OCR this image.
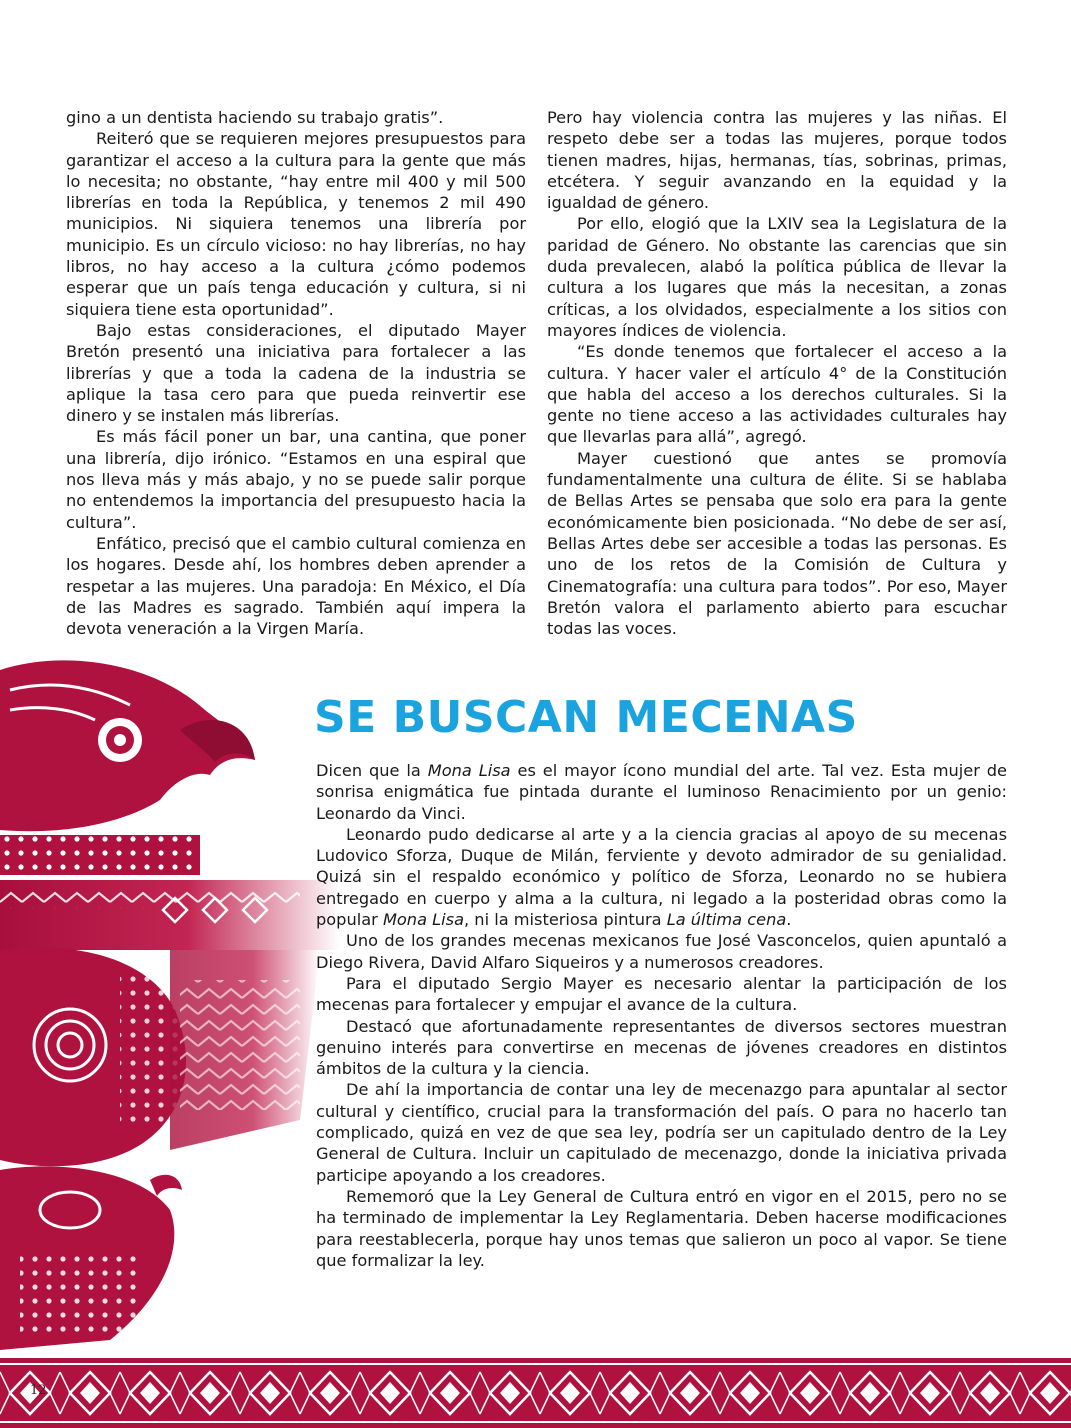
gino a un dentista haciendo su trabajo gratis”.

Reiteró que se requieren mejores presupuestos para garantizar el acceso a la cultura para la gente que más lo necesita; no obstante, “hay entre mil 400 y mil 500 librerías en toda la República, y tenemos 2 mil 490 municipios. Ni siquiera tenemos una librería por municipio. Es un círculo vicioso: no hay librerías, no hay libros, no hay acceso a la cultura ¿cómo podemos esperar que un país tenga educación y cultura, si ni siquiera tiene esta oportunidad”.

Bajo estas consideraciones, el diputado Mayer Bretón presentó una iniciativa para fortalecer a las librerías y que a toda la cadena de la industria se aplique la tasa cero para que pueda reinvertir ese dinero y se instalen más librerías.

Es más fácil poner un bar, una cantina, que poner una librería, dijo irónico. “Estamos en una espiral que nos lleva más y más abajo, y no se puede salir porque no entendemos la importancia del presupuesto hacia la cultura”.

Enfático, precisó que el cambio cultural comienza en los hogares. Desde ahí, los hombres deben aprender a respetar a las mujeres. Una paradoja: En México, el Día de las Madres es sagrado. También aquí impera la devota veneración a la Virgen María.

Pero hay violencia contra las mujeres y las niñas. El respeto debe ser a todas las mujeres, porque todos tienen madres, hijas, hermanas, tías, sobrinas, primas, etcétera. Y seguir avanzando en la equidad y la igualdad de género.

Por ello, elogió que la LXIV sea la Legislatura de la paridad de Género. No obstante las carencias que sin duda prevalecen, alabó la política pública de llevar la cultura a los lugares que más la necesitan, a zonas críticas, a los olvidados, especialmente a los sitios con mayores índices de violencia.

“Es donde tenemos que fortalecer el acceso a la cultura. Y hacer valer el artículo 4° de la Constitución que habla del acceso a los derechos culturales. Si la gente no tiene acceso a las actividades culturales hay que llevarlas para allá”, agregó.

Mayer cuestionó que antes se promovía fundamentalmente una cultura de élite. Si se hablaba de Bellas Artes se pensaba que solo era para la gente económicamente bien posicionada. “No debe de ser así, Bellas Artes debe ser accesible a todas las personas. Es uno de los retos de la Comisión de Cultura y Cinematografía: una cultura para todos”. Por eso, Mayer Bretón valora el parlamento abierto para escuchar todas las voces.

SE BUSCAN MECENAS

Dicen que la Mona Lisa es el mayor ícono mundial del arte. Tal vez. Esta mujer de sonrisa enigmática fue pintada durante el luminoso Renacimiento por un genio: Leonardo da Vinci.

Leonardo pudo dedicarse al arte y a la ciencia gracias al apoyo de su mecenas Ludovico Sforza, Duque de Milán, ferviente y devoto admirador de su genialidad. Quizá sin el respaldo económico y político de Sforza, Leonardo no se hubiera entregado en cuerpo y alma a la cultura, ni legado a la posteridad obras como la popular Mona Lisa, ni la misteriosa pintura La última cena.

Uno de los grandes mecenas mexicanos fue José Vasconcelos, quien apuntaló a Diego Rivera, David Alfaro Siqueiros y a numerosos creadores.

Para el diputado Sergio Mayer es necesario alentar la participación de los mecenas para fortalecer y empujar el avance de la cultura.

Destacó que afortunadamente representantes de diversos sectores muestran genuino interés para convertirse en mecenas de jóvenes creadores en distintos ámbitos de la cultura y la ciencia.

De ahí la importancia de contar una ley de mecenazgo para apuntalar al sector cultural y científico, crucial para la transformación del país. O para no hacerlo tan complicado, quizá en vez de que sea ley, podría ser un capitulado dentro de la Ley General de Cultura. Incluir un capitulado de mecenazgo, donde la iniciativa privada participe apoyando a los creadores.

Rememoró que la Ley General de Cultura entró en vigor en el 2015, pero no se ha terminado de implementar la Ley Reglamentaria. Deben hacerse modificaciones para reestablecerla, porque hay unos temas que salieron un poco al vapor. Se tiene que formalizar la ley.

12
